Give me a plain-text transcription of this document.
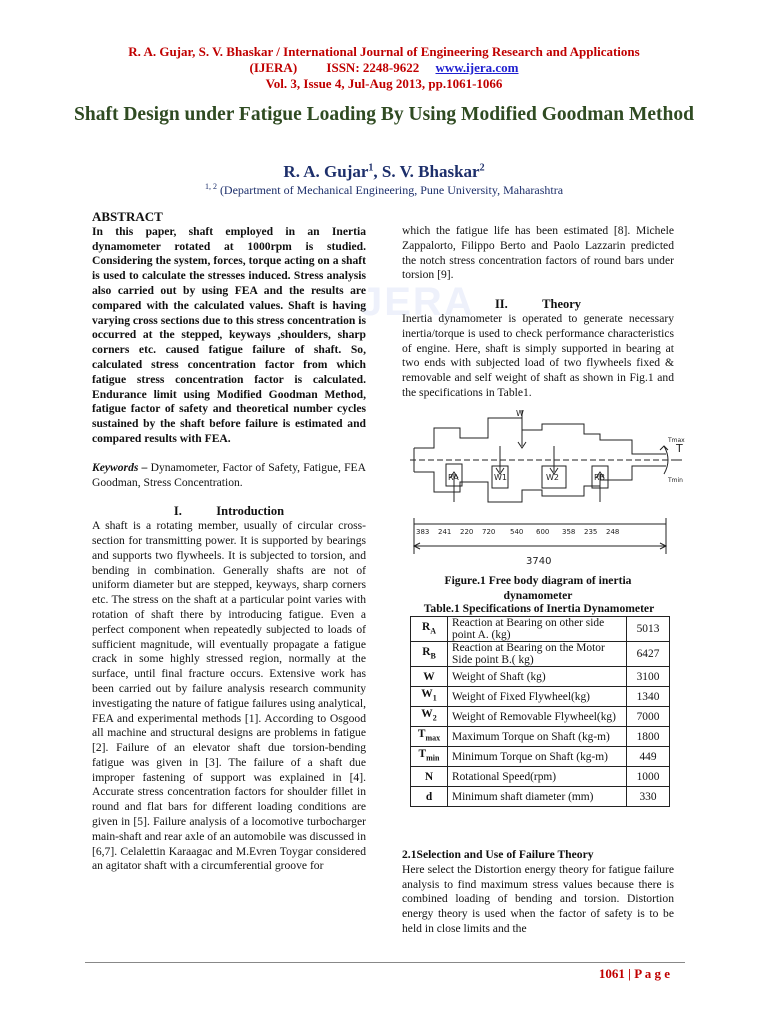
R. A. Gujar, S. V. Bhaskar / International Journal of Engineering Research and Applications
(IJERA) ISSN: 2248-9622 www.ijera.com
Vol. 3, Issue 4, Jul-Aug 2013, pp.1061-1066
Shaft Design under Fatigue Loading By Using Modified Goodman Method
R. A. Gujar$^1$, S. V. Bhaskar$^2$
$^{1, 2}$ (Department of Mechanical Engineering, Pune University, Maharashtra
JERA

ABSTRACT

In this paper, shaft employed in an Inertia dynamometer rotated at 1000rpm is studied. Considering the system, forces, torque acting on a shaft is used to calculate the stresses induced. Stress analysis also carried out by using FEA and the results are compared with the calculated values. Shaft is having varying cross sections due to this stress concentration is occurred at the stepped, keyways ,shoulders, sharp corners etc. caused fatigue failure of shaft. So, calculated stress concentration factor from which fatigue stress concentration factor is calculated. Endurance limit using Modified Goodman Method, fatigue factor of safety and theoretical number cycles sustained by the shaft before failure is estimated and compared results with FEA.

Keywords – Dynamometer, Factor of Safety, Fatigue, FEA Goodman, Stress Concentration.

I.	Introduction

A shaft is a rotating member, usually of circular cross-section for transmitting power. It is supported by bearings and supports two flywheels. It is subjected to torsion, and bending in combination. Generally shafts are not of uniform diameter but are stepped, keyways, sharp corners etc. The stress on the shaft at a particular point varies with rotation of shaft there by introducing fatigue. Even a perfect component when repeatedly subjected to loads of sufficient magnitude, will eventually propagate a fatigue crack in some highly stressed region, normally at the surface, until final fracture occurs. Extensive work has been carried out by failure analysis research community investigating the nature of fatigue failures using analytical, FEA and experimental methods [1]. According to Osgood all machine and structural designs are problems in fatigue [2]. Failure of an elevator shaft due torsion-bending fatigue was given in [3]. The failure of a shaft due improper fastening of support was explained in [4]. Accurate stress concentration factors for shoulder fillet in round and flat bars for different loading conditions are given in [5]. Failure analysis of a locomotive turbocharger main-shaft and rear axle of an automobile was discussed in [6,7]. Celalettin Karaagac and M.Evren Toygar considered an agitator shaft with a circumferential groove for

which the fatigue life has been estimated [8]. Michele Zappalorto, Filippo Berto and Paolo Lazzarin predicted the notch stress concentration factors of round bars under torsion [9].

II.	Theory

Inertia dynamometer is operated to generate necessary inertia/torque is used to check performance characteristics of engine. Here, shaft is simply supported in bearing at two ends with subjected load of two flywheels fixed & removable and self weight of shaft as shown in Fig.1 and the specifications in Table1.

RA	W1	W2	RB
W
T
Tmax
Tmin
383 241 220 720 540 600 358 235 248
3740
Figure.1 Free body diagram of inertia
dynamometer
Table.1 Specifications of Inertia Dynamometer
$R_A$	Reaction at Bearing on other side point A. (kg)	5013
$R_B$	Reaction at Bearing on the Motor Side point B.( kg)	6427
W	Weight of Shaft (kg)	3100
$W_1$	Weight of Fixed Flywheel(kg)	1340
$W_2$	Weight of Removable Flywheel(kg)	7000
$T_{max}$	Maximum Torque on Shaft (kg-m)	1800
$T_{min}$	Minimum Torque on Shaft (kg-m)	449
N	Rotational Speed(rpm)	1000
d	Minimum shaft diameter (mm)	330

2.1Selection and Use of Failure Theory

Here select the Distortion energy theory for fatigue failure analysis to find maximum stress values because there is combined loading of bending and torsion. Distortion energy theory is used when the factor of safety is to be held in close limits and the

1061 | P a g e
